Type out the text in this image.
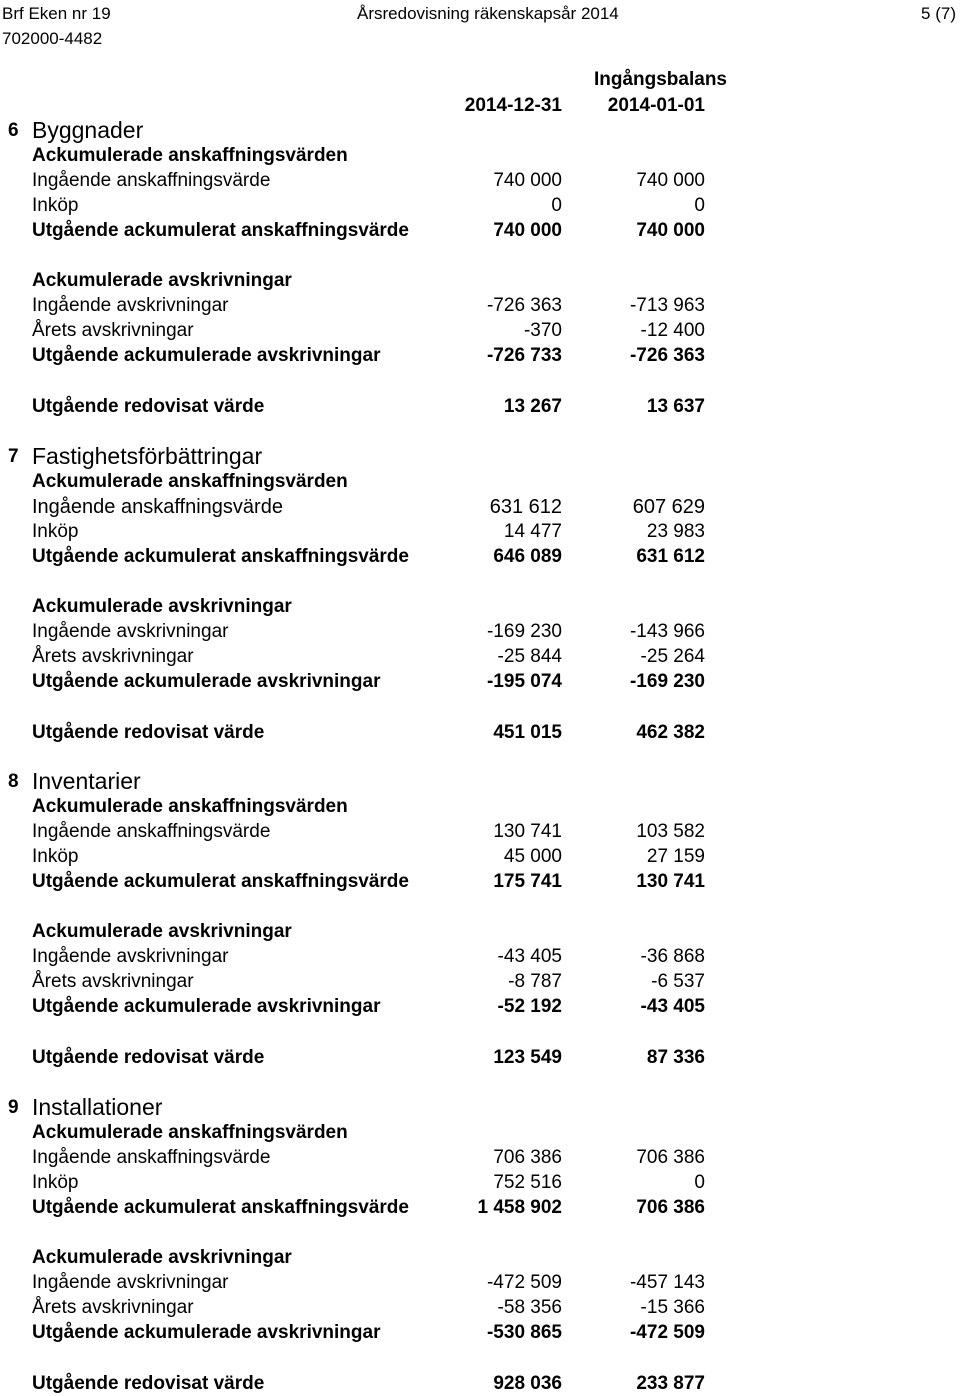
Brf Eken nr 19	Årsredovisning räkenskapsår 2014	5 (7)
702000-4482
Ingångsbalans
2014-12-31 2014-01-01
6 Byggnader
Ackumulerade anskaffningsvärden
Ingående anskaffningsvärde	740 000	740 000
Inköp	0	0
Utgående ackumulerat anskaffningsvärde	740 000	740 000
Ackumulerade avskrivningar
Ingående avskrivningar	-726 363	-713 963
Årets avskrivningar	-370	-12 400
Utgående ackumulerade avskrivningar	-726 733	-726 363
Utgående redovisat värde	13 267	13 637
7 Fastighetsförbättringar
Ackumulerade anskaffningsvärden
Ingående anskaffningsvärde	631 612	607 629
Inköp	14 477	23 983
Utgående ackumulerat anskaffningsvärde	646 089	631 612
Ackumulerade avskrivningar
Ingående avskrivningar	-169 230	-143 966
Årets avskrivningar	-25 844	-25 264
Utgående ackumulerade avskrivningar	-195 074	-169 230
Utgående redovisat värde	451 015	462 382
8 Inventarier
Ackumulerade anskaffningsvärden
Ingående anskaffningsvärde	130 741	103 582
Inköp	45 000	27 159
Utgående ackumulerat anskaffningsvärde	175 741	130 741
Ackumulerade avskrivningar
Ingående avskrivningar	-43 405	-36 868
Årets avskrivningar	-8 787	-6 537
Utgående ackumulerade avskrivningar	-52 192	-43 405
Utgående redovisat värde	123 549	87 336
9 Installationer
Ackumulerade anskaffningsvärden
Ingående anskaffningsvärde	706 386	706 386
Inköp	752 516	0
Utgående ackumulerat anskaffningsvärde	1 458 902	706 386
Ackumulerade avskrivningar
Ingående avskrivningar	-472 509	-457 143
Årets avskrivningar	-58 356	-15 366
Utgående ackumulerade avskrivningar	-530 865	-472 509
Utgående redovisat värde	928 036	233 877
